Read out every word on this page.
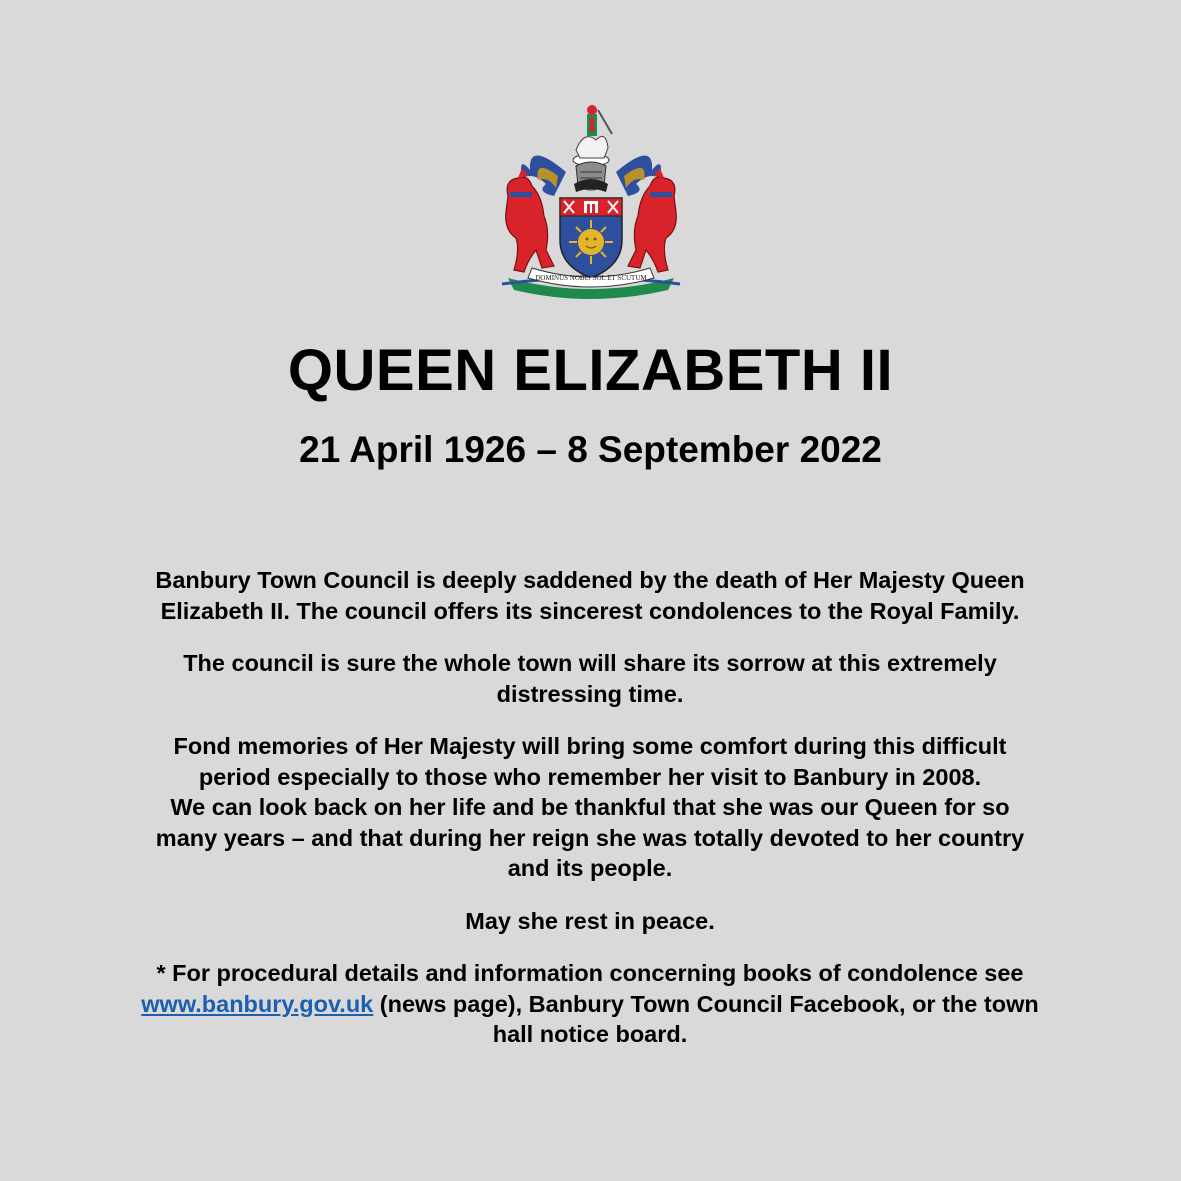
DOMINUS NOBIS SOL ET SCUTUM
QUEEN ELIZABETH II
21 April 1926 – 8 September 2022

Banbury Town Council is deeply saddened by the death of Her Majesty Queen
Elizabeth II. The council offers its sincerest condolences to the Royal Family.

The council is sure the whole town will share its sorrow at this extremely
distressing time.

Fond memories of Her Majesty will bring some comfort during this difficult
period especially to those who remember her visit to Banbury in 2008.
We can look back on her life and be thankful that she was our Queen for so
many years – and that during her reign she was totally devoted to her country
and its people.

May she rest in peace.

* For procedural details and information concerning books of condolence see
www.banbury.gov.uk (news page), Banbury Town Council Facebook, or the town
hall notice board.
